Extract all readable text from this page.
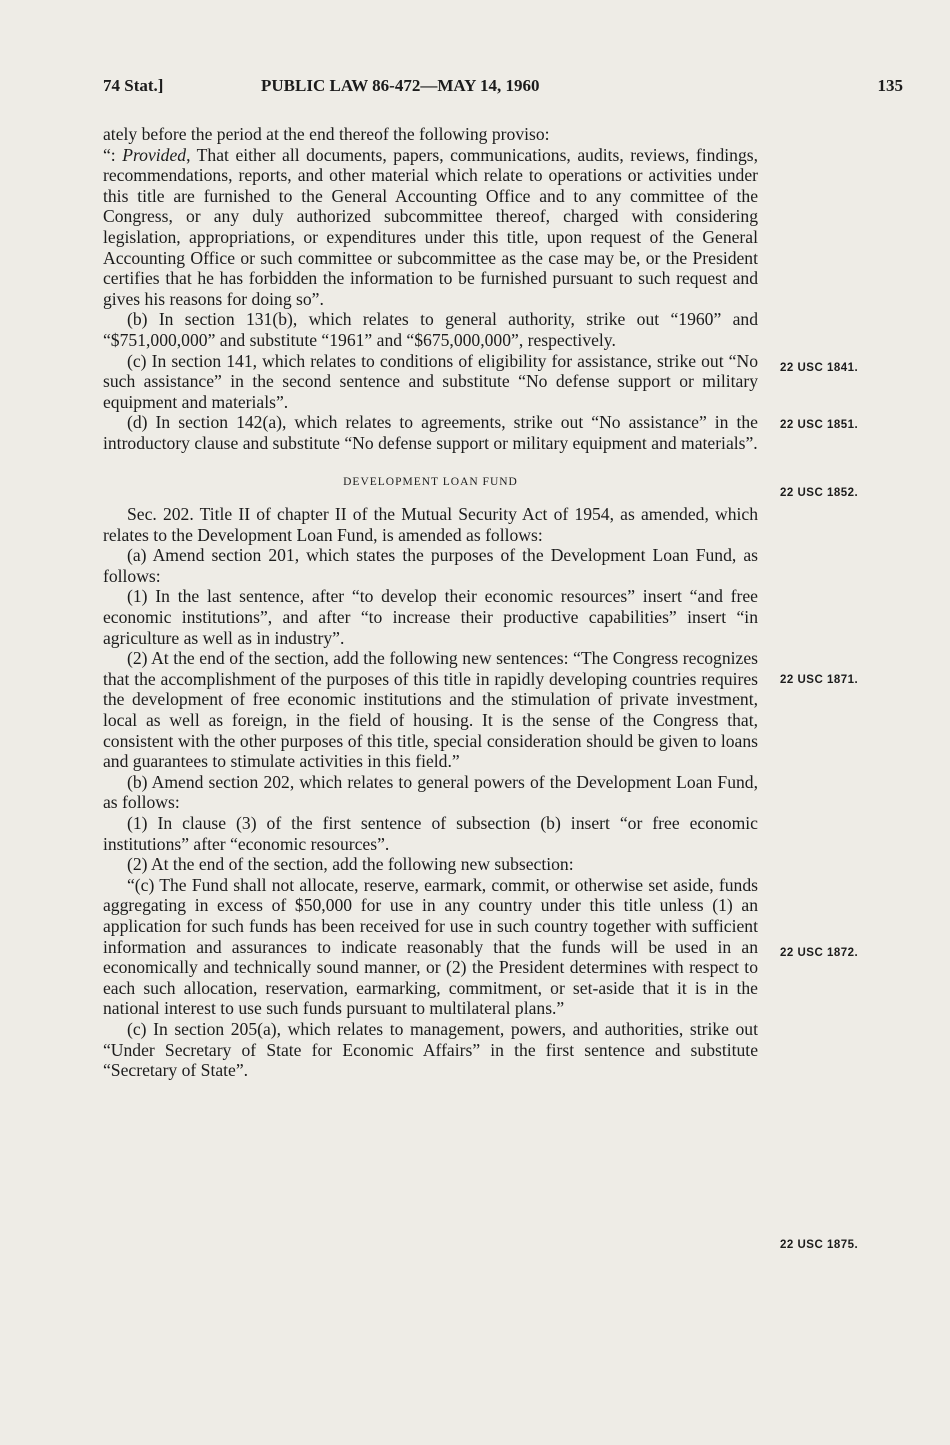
74 Stat.]	PUBLIC LAW 86-472—MAY 14, 1960	135

ately before the period at the end thereof the following proviso:

“: Provided, That either all documents, papers, communications, audits, reviews, findings, recommendations, reports, and other material which relate to operations or activities under this title are furnished to the General Accounting Office and to any committee of the Congress, or any duly authorized subcommittee thereof, charged with considering legislation, appropriations, or expenditures under this title, upon request of the General Accounting Office or such committee or subcommittee as the case may be, or the President certifies that he has forbidden the information to be furnished pursuant to such request and gives his reasons for doing so”.

(b) In section 131(b), which relates to general authority, strike out “1960” and “$751,000,000” and substitute “1961” and “$675,000,000”, respectively.

(c) In section 141, which relates to conditions of eligibility for assistance, strike out “No such assistance” in the second sentence and substitute “No defense support or military equipment and materials”.

(d) In section 142(a), which relates to agreements, strike out “No assistance” in the introductory clause and substitute “No defense support or military equipment and materials”.

DEVELOPMENT LOAN FUND

Sec. 202. Title II of chapter II of the Mutual Security Act of 1954, as amended, which relates to the Development Loan Fund, is amended as follows:

(a) Amend section 201, which states the purposes of the Development Loan Fund, as follows:

(1) In the last sentence, after “to develop their economic resources” insert “and free economic institutions”, and after “to increase their productive capabilities” insert “in agriculture as well as in industry”.

(2) At the end of the section, add the following new sentences: “The Congress recognizes that the accomplishment of the purposes of this title in rapidly developing countries requires the development of free economic institutions and the stimulation of private investment, local as well as foreign, in the field of housing. It is the sense of the Congress that, consistent with the other purposes of this title, special consideration should be given to loans and guarantees to stimulate activities in this field.”

(b) Amend section 202, which relates to general powers of the Development Loan Fund, as follows:

(1) In clause (3) of the first sentence of subsection (b) insert “or free economic institutions” after “economic resources”.

(2) At the end of the section, add the following new subsection:

“(c) The Fund shall not allocate, reserve, earmark, commit, or otherwise set aside, funds aggregating in excess of $50,000 for use in any country under this title unless (1) an application for such funds has been received for use in such country together with sufficient information and assurances to indicate reasonably that the funds will be used in an economically and technically sound manner, or (2) the President determines with respect to each such allocation, reservation, earmarking, commitment, or set-aside that it is in the national interest to use such funds pursuant to multilateral plans.”

(c) In section 205(a), which relates to management, powers, and authorities, strike out “Under Secretary of State for Economic Affairs” in the first sentence and substitute “Secretary of State”.

22 USC 1841.
22 USC 1851.
22 USC 1852.
22 USC 1871.
22 USC 1872.
22 USC 1875.
